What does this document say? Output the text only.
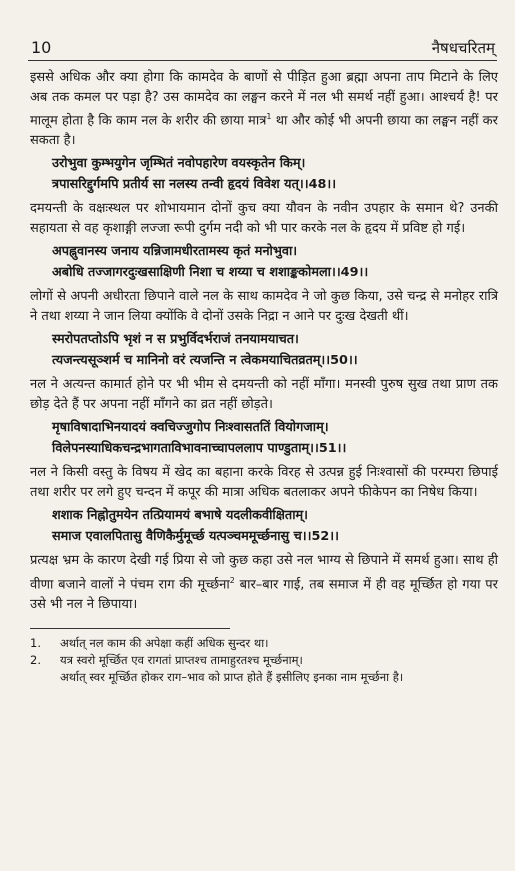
10	नैषधचरितम्

इससे अधिक और क्या होगा कि कामदेव के बाणों से पीड़ित हुआ ब्रह्मा अपना ताप मिटाने के लिए अब तक कमल पर पड़ा है? उस कामदेव का लङ्घन करने में नल भी समर्थ नहीं हुआ। आश्चर्य है! पर मालूम होता है कि काम नल के शरीर की छाया मात्र$^1$ था और कोई भी अपनी छाया का लङ्घन नहीं कर सकता है।

उरोभुवा कुम्भयुगेन जृम्भितं नवोपहारेण वयस्कृतेन किम्।
त्रपासरिद्दुर्गमपि प्रतीर्य सा नलस्य तन्वी हृदयं विवेश यत्।।48।।

दमयन्ती के वक्षःस्थल पर शोभायमान दोनों कुच क्या यौवन के नवीन उपहार के समान थे? उनकी सहायता से वह कृशाङ्गी लज्जा रूपी दुर्गम नदी को भी पार करके नल के हृदय में प्रविष्ट हो गई।

अपह्नुवानस्य जनाय यन्निजामधीरतामस्य कृतं मनोभुवा।
अबोधि तज्जागरदुःखसाक्षिणी निशा च शय्या च शशाङ्ककोमला।।49।।

लोगों से अपनी अधीरता छिपाने वाले नल के साथ कामदेव ने जो कुछ किया, उसे चन्द्र से मनोहर रात्रि ने तथा शय्या ने जान लिया क्योंकि वे दोनों उसके निद्रा न आने पर दुःख देखती थीं।

स्मरोपतप्तोऽपि भृशं न स प्रभुर्विदर्भराजं तनयामयाचत।
त्यजन्त्यसूञ्शर्म च मानिनो वरं त्यजन्ति न त्वेकमयाचितव्रतम्।।50।।

नल ने अत्यन्त कामार्त होने पर भी भीम से दमयन्ती को नहीं माँगा। मनस्वी पुरुष सुख तथा प्राण तक छोड़ देते हैं पर अपना नहीं माँगने का व्रत नहीं छोड़ते।

मृषाविषादाभिनयादयं क्वचिज्जुगोप निःश्वासततिं वियोगजाम्।
विलेपनस्याधिकचन्द्रभागताविभावनाच्चापललाप पाण्डुताम्।।51।।

नल ने किसी वस्तु के विषय में खेद का बहाना करके विरह से उत्पन्न हुई निःश्वासों की परम्परा छिपाई तथा शरीर पर लगे हुए चन्दन में कपूर की मात्रा अधिक बतलाकर अपने फीकेपन का निषेध किया।

शशाक निह्नोतुमयेन तत्प्रियामयं बभाषे यदलीकवीक्षिताम्।
समाज एवालपितासु वैणिकैर्मुमूर्च्छ यत्पञ्चममूर्च्छनासु च।।52।।

प्रत्यक्ष भ्रम के कारण देखी गई प्रिया से जो कुछ कहा उसे नल भाग्य से छिपाने में समर्थ हुआ। साथ ही वीणा बजाने वालों ने पंचम राग की मूर्च्छना$^2$ बार–बार गाई, तब समाज में ही वह मूर्च्छित हो गया पर उसे भी नल ने छिपाया।

1.	अर्थात् नल काम की अपेक्षा कहीं अधिक सुन्दर था।
2.	यत्र स्वरो मूर्च्छित एव रागतां प्राप्तश्च तामाहुरतश्च मूर्च्छनाम्।
अर्थात् स्वर मूर्च्छित होकर राग–भाव को प्राप्त होते हैं इसीलिए इनका नाम मूर्च्छना है।
